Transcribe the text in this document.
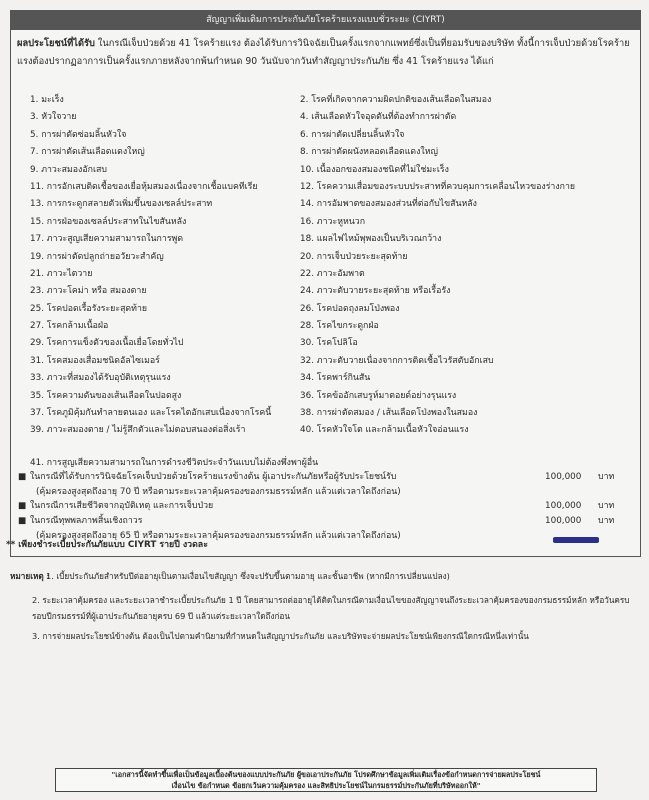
สัญญาเพิ่มเติมการประกันภัยโรคร้ายแรงแบบชั่วระยะ (CIYRT)
ผลประโยชน์ที่ได้รับ ในกรณีเจ็บป่วยด้วย 41 โรคร้ายแรง ต้องได้รับการวินิจฉัยเป็นครั้งแรกจากแพทย์ซึ่งเป็นที่ยอมรับของบริษัท ทั้งนี้การเจ็บป่วยด้วยโรคร้ายแรงต้องปรากฏอาการเป็นครั้งแรกภายหลังจากพ้นกำหนด 90 วันนับจากวันทำสัญญาประกันภัย ซึ่ง 41 โรคร้ายแรง ได้แก่
1. มะเร็ง	2. โรคที่เกิดจากความผิดปกติของเส้นเลือดในสมอง
3. หัวใจวาย	4. เส้นเลือดหัวใจอุดตันที่ต้องทำการผ่าตัด
5. การผ่าตัดซ่อมลิ้นหัวใจ	6. การผ่าตัดเปลี่ยนลิ้นหัวใจ
7. การผ่าตัดเส้นเลือดแดงใหญ่	8. การผ่าตัดผนังหลอดเลือดแดงใหญ่
9. ภาวะสมองอักเสบ	10. เนื้องอกของสมองชนิดที่ไม่ใช่มะเร็ง
11. การอักเสบติดเชื้อของเยื่อหุ้มสมองเนื่องจากเชื้อแบคทีเรีย	12. โรคความเสื่อมของระบบประสาทที่ควบคุมการเคลื่อนไหวของร่างกาย
13. การกระดูกสลายตัวเพิ่มขึ้นของเซลล์ประสาท	14. การอัมพาตของสมองส่วนที่ต่อกับไขสันหลัง
15. การฝ่อของเซลล์ประสาทในไขสันหลัง	16. ภาวะหูหนวก
17. ภาวะสูญเสียความสามารถในการพูด	18. แผลไฟไหม้พุพองเป็นบริเวณกว้าง
19. การผ่าตัดปลูกถ่ายอวัยวะสำคัญ	20. การเจ็บป่วยระยะสุดท้าย
21. ภาวะไตวาย	22. ภาวะอัมพาต
23. ภาวะโคม่า หรือ สมองตาย	24. ภาวะตับวายระยะสุดท้าย หรือเรื้อรัง
25. โรคปอดเรื้อรังระยะสุดท้าย	26. โรคปอดถุงลมโป่งพอง
27. โรคกล้ามเนื้อฝ่อ	28. โรคไขกระดูกฝ่อ
29. โรคการแข็งตัวของเนื้อเยื่อโดยทั่วไป	30. โรคโปลิโอ
31. โรคสมองเสื่อมชนิดอัลไซเมอร์	32. ภาวะตับวายเนื่องจากการติดเชื้อไวรัสตับอักเสบ
33. ภาวะที่สมองได้รับอุบัติเหตุรุนแรง	34. โรคพาร์กินสัน
35. โรคความดันของเส้นเลือดในปอดสูง	36. โรคข้ออักเสบรูห์มาตอยด์อย่างรุนแรง
37. โรคภูมิคุ้มกันทำลายตนเอง และโรคไตอักเสบเนื่องจากโรคนี้	38. การผ่าตัดสมอง / เส้นเลือดโป่งพองในสมอง
39. ภาวะสมองตาย / ไม่รู้สึกตัวและไม่ตอบสนองต่อสิ่งเร้า	40. โรคหัวใจโต และกล้ามเนื้อหัวใจอ่อนแรง
41. การสูญเสียความสามารถในการดำรงชีวิตประจำวันแบบไม่ต้องพึ่งพาผู้อื่น
■ ในกรณีที่ได้รับการวินิจฉัยโรคเจ็บป่วยด้วยโรคร้ายแรงข้างต้น ผู้เอาประกันภัยหรือผู้รับประโยชน์รับ	100,000 บาท
(คุ้มครองสูงสุดถึงอายุ 70 ปี หรือตามระยะเวลาคุ้มครองของกรมธรรม์หลัก แล้วแต่เวลาใดถึงก่อน)
■ ในกรณีการเสียชีวิตจากอุบัติเหตุ และการเจ็บป่วย	100,000 บาท
■ ในกรณีทุพพลภาพสิ้นเชิงถาวร	100,000 บาท
(คุ้มครองสูงสุดถึงอายุ 65 ปี หรือตามระยะเวลาคุ้มครองของกรมธรรม์หลัก แล้วแต่เวลาใดถึงก่อน)
** เพียงชำระเบี้ยประกันภัยแบบ CIYRT รายปี งวดละ
หมายเหตุ :
1. เบี้ยประกันภัยสำหรับปีต่ออายุเป็นตามเงื่อนไขสัญญา ซึ่งจะปรับขึ้นตามอายุ และชั้นอาชีพ (หากมีการเปลี่ยนแปลง)
2. ระยะเวลาคุ้มครอง และระยะเวลาชำระเบี้ยประกันภัย 1 ปี โดยสามารถต่ออายุได้ติดในกรณีตามเงื่อนไขของสัญญาจนถึงระยะเวลาคุ้มครองของกรมธรรม์หลัก หรือวันครบรอบปีกรมธรรม์ที่ผู้เอาประกันภัยอายุครบ 69 ปี แล้วแต่ระยะเวลาใดถึงก่อน
3. การจ่ายผลประโยชน์ข้างต้น ต้องเป็นไปตามคำนิยามที่กำหนดในสัญญาประกันภัย และบริษัทจะจ่ายผลประโยชน์เพียงกรณีใดกรณีหนึ่งเท่านั้น
"เอกสารนี้จัดทำขึ้นเพื่อเป็นข้อมูลเบื้องต้นของแบบประกันภัย ผู้ขอเอาประกันภัย โปรดศึกษาข้อมูลเพิ่มเติมเรื่องข้อกำหนดการจ่ายผลประโยชน์
เงื่อนไข ข้อกำหนด ข้อยกเว้นความคุ้มครอง และสิทธิประโยชน์ในกรมธรรม์ประกันภัยที่บริษัทออกให้"
